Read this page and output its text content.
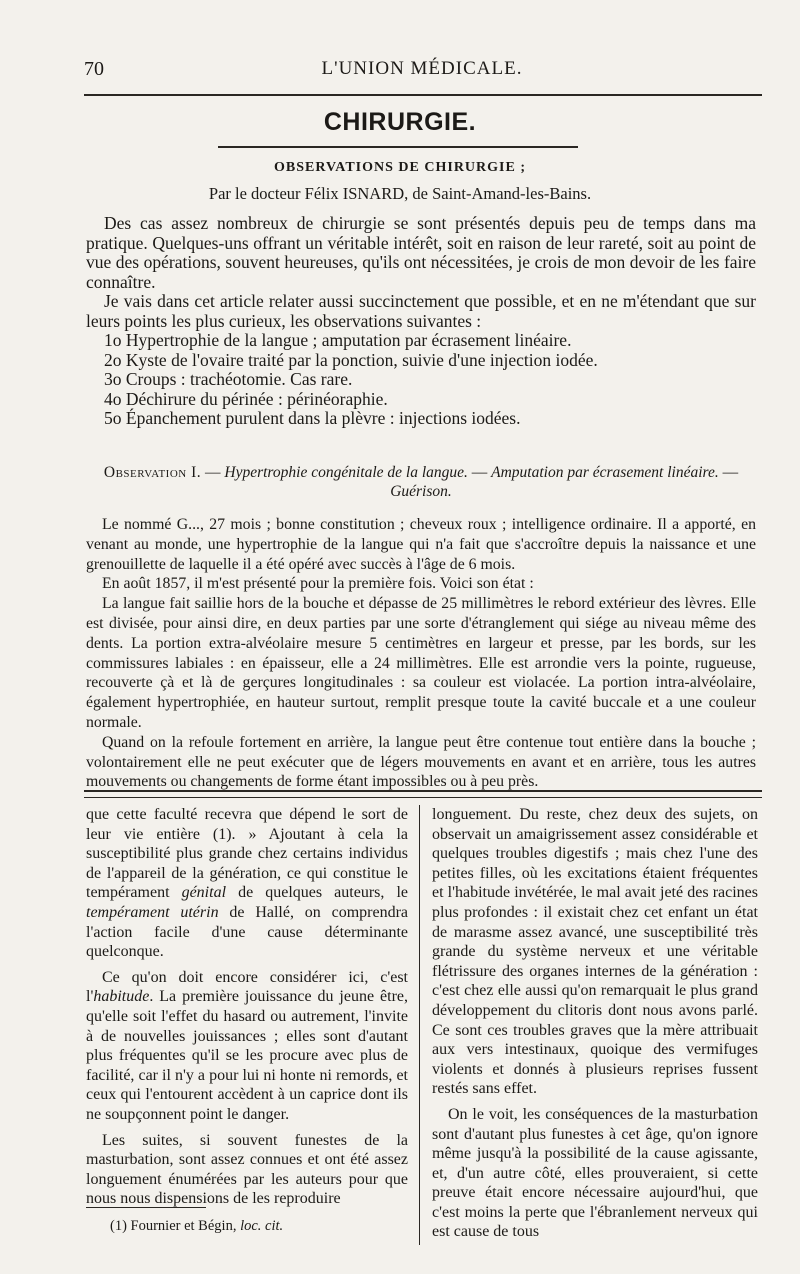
70	L'UNION MÉDICALE.
CHIRURGIE.
OBSERVATIONS DE CHIRURGIE ;
Par le docteur Félix ISNARD, de Saint-Amand-les-Bains.

Des cas assez nombreux de chirurgie se sont présentés depuis peu de temps dans ma pratique. Quelques-uns offrant un véritable intérêt, soit en raison de leur rareté, soit au point de vue des opérations, souvent heureuses, qu'ils ont nécessitées, je crois de mon devoir de les faire connaître.

Je vais dans cet article relater aussi succinctement que possible, et en ne m'étendant que sur leurs points les plus curieux, les observations suivantes :

1o Hypertrophie de la langue ; amputation par écrasement linéaire.
2o Kyste de l'ovaire traité par la ponction, suivie d'une injection iodée.
3o Croups : trachéotomie. Cas rare.
4o Déchirure du périnée : périnéoraphie.
5o Épanchement purulent dans la plèvre : injections iodées.
Observation I. — Hypertrophie congénitale de la langue. — Amputation par écrasement linéaire. — Guérison.

Le nommé G..., 27 mois ; bonne constitution ; cheveux roux ; intelligence ordinaire. Il a apporté, en venant au monde, une hypertrophie de la langue qui n'a fait que s'accroître depuis la naissance et une grenouillette de laquelle il a été opéré avec succès à l'âge de 6 mois.

En août 1857, il m'est présenté pour la première fois. Voici son état :

La langue fait saillie hors de la bouche et dépasse de 25 millimètres le rebord extérieur des lèvres. Elle est divisée, pour ainsi dire, en deux parties par une sorte d'étranglement qui siége au niveau même des dents. La portion extra-alvéolaire mesure 5 centimètres en largeur et presse, par les bords, sur les commissures labiales : en épaisseur, elle a 24 millimètres. Elle est arrondie vers la pointe, rugueuse, recouverte çà et là de gerçures longitudinales : sa couleur est violacée. La portion intra-alvéolaire, également hypertrophiée, en hauteur surtout, remplit presque toute la cavité buccale et a une couleur normale.

Quand on la refoule fortement en arrière, la langue peut être contenue tout entière dans la bouche ; volontairement elle ne peut exécuter que de légers mouvements en avant et en arrière, tous les autres mouvements ou changements de forme étant impossibles ou à peu près.

que cette faculté recevra que dépend le sort de leur vie entière (1). » Ajoutant à cela la susceptibilité plus grande chez certains individus de l'appareil de la génération, ce qui constitue le tempérament génital de quelques auteurs, le tempérament utérin de Hallé, on comprendra l'action facile d'une cause déterminante quelconque.

Ce qu'on doit encore considérer ici, c'est l'habitude. La première jouissance du jeune être, qu'elle soit l'effet du hasard ou autrement, l'invite à de nouvelles jouissances ; elles sont d'autant plus fréquentes qu'il se les procure avec plus de facilité, car il n'y a pour lui ni honte ni remords, et ceux qui l'entourent accèdent à un caprice dont ils ne soupçonnent point le danger.

Les suites, si souvent funestes de la masturbation, sont assez connues et ont été assez longuement énumérées par les auteurs pour que nous nous dispensions de les reproduire

longuement. Du reste, chez deux des sujets, on observait un amaigrissement assez considérable et quelques troubles digestifs ; mais chez l'une des petites filles, où les excitations étaient fréquentes et l'habitude invétérée, le mal avait jeté des racines plus profondes : il existait chez cet enfant un état de marasme assez avancé, une susceptibilité très grande du système nerveux et une véritable flétrissure des organes internes de la génération : c'est chez elle aussi qu'on remarquait le plus grand développement du clitoris dont nous avons parlé. Ce sont ces troubles graves que la mère attribuait aux vers intestinaux, quoique des vermifuges violents et donnés à plusieurs reprises fussent restés sans effet.

On le voit, les conséquences de la masturbation sont d'autant plus funestes à cet âge, qu'on ignore même jusqu'à la possibilité de la cause agissante, et, d'un autre côté, elles prouveraient, si cette preuve était encore nécessaire aujourd'hui, que c'est moins la perte que l'ébranlement nerveux qui est cause de tous

(1) Fournier et Bégin, loc. cit.
